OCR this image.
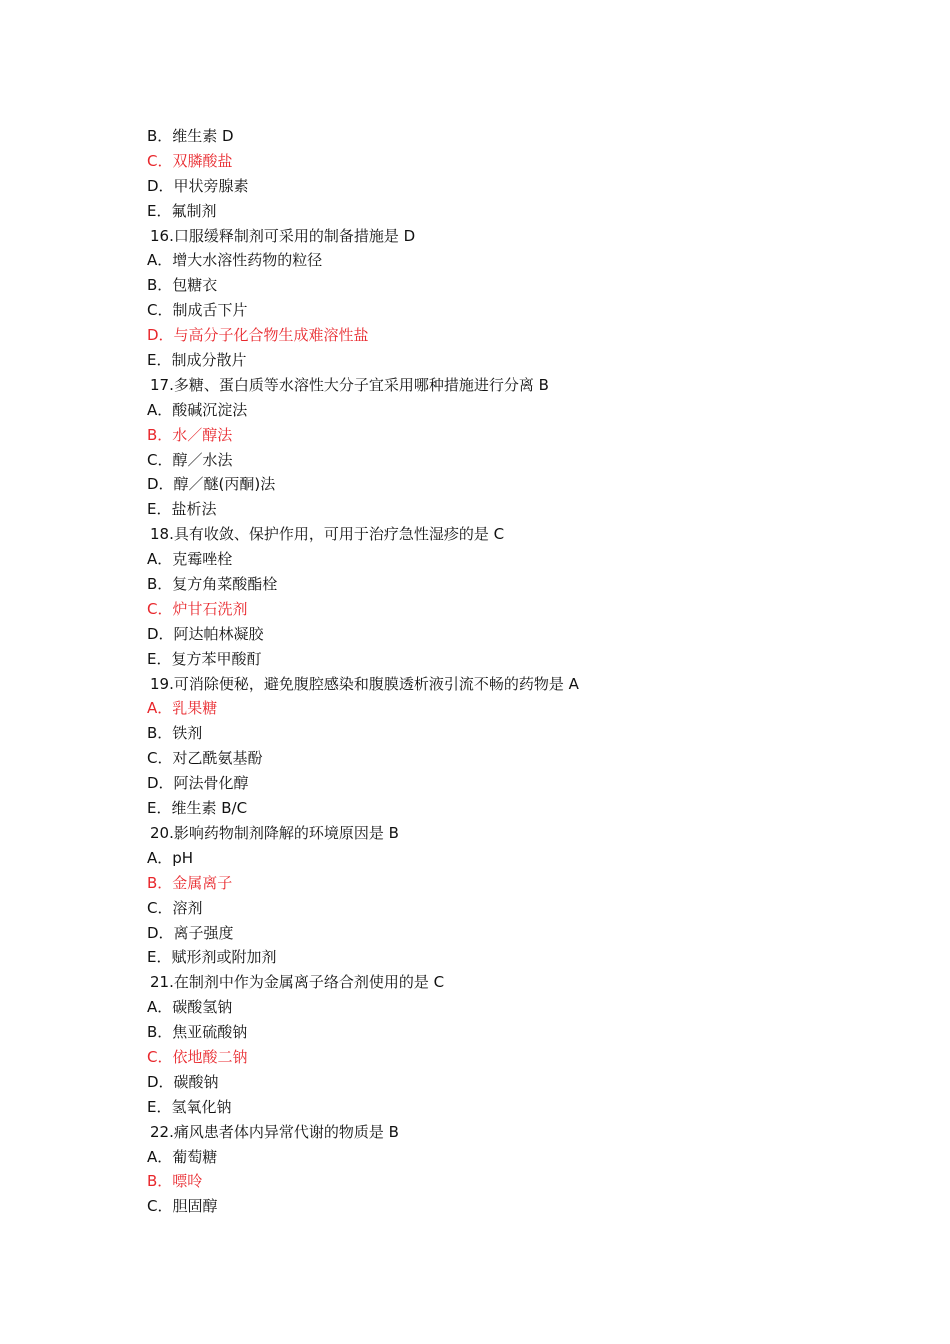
B．维生素 D
C．双膦酸盐
D．甲状旁腺素
E．氟制剂
16.口服缓释制剂可采用的制备措施是 D
A．增大水溶性药物的粒径
B．包糖衣
C．制成舌下片
D．与高分子化合物生成难溶性盐
E．制成分散片
17.多糖、蛋白质等水溶性大分子宜采用哪种措施进行分离 B
A．酸碱沉淀法
B．水／醇法
C．醇／水法
D．醇／醚(丙酮)法
E．盐析法
18.具有收敛、保护作用，可用于治疗急性湿疹的是 C
A．克霉唑栓
B．复方角菜酸酯栓
C．炉甘石洗剂
D．阿达帕林凝胶
E．复方苯甲酸酊
19.可消除便秘，避免腹腔感染和腹膜透析液引流不畅的药物是 A
A．乳果糖
B．铁剂
C．对乙酰氨基酚
D．阿法骨化醇
E．维生素 B/C
20.影响药物制剂降解的环境原因是 B
A．pH
B．金属离子
C．溶剂
D．离子强度
E．赋形剂或附加剂
21.在制剂中作为金属离子络合剂使用的是 C
A．碳酸氢钠
B．焦亚硫酸钠
C．依地酸二钠
D．碳酸钠
E．氢氧化钠
22.痛风患者体内异常代谢的物质是 B
A．葡萄糖
B．嘌呤
C．胆固醇
